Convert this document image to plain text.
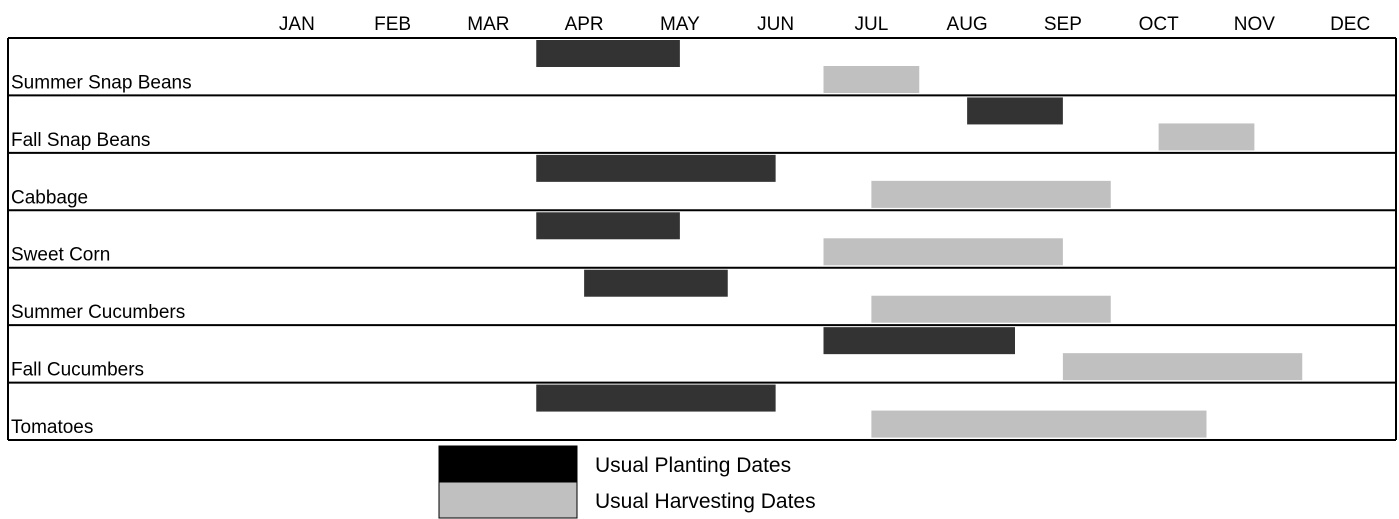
JAN	FEB	MAR	APR	MAY	JUN	JUL	AUG	SEP	OCT	NOV	DEC
Summer Snap Beans
Fall Snap Beans
Cabbage
Sweet Corn
Summer Cucumbers
Fall Cucumbers
Tomatoes
Usual Planting Dates
Usual Harvesting Dates
